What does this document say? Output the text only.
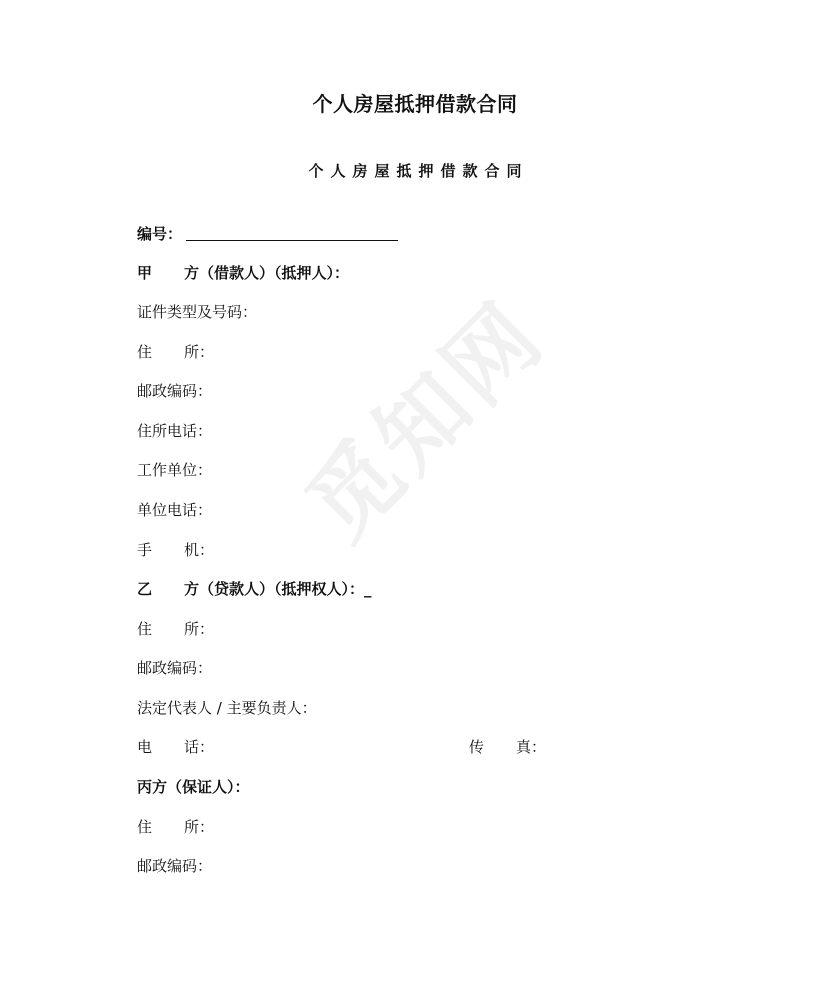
觅知网
个人房屋抵押借款合同
个人房屋抵押借款合同
编号：
甲 方（借款人）（抵押人）：
证件类型及号码：
住 所：
邮政编码：
住所电话：
工作单位：
单位电话：
手 机：
乙 方（贷款人）（抵押权人）：_
住 所：
邮政编码：
法定代表人 / 主要负责人：
电 话：	传 真：
丙方（保证人）：
住 所：
邮政编码：
